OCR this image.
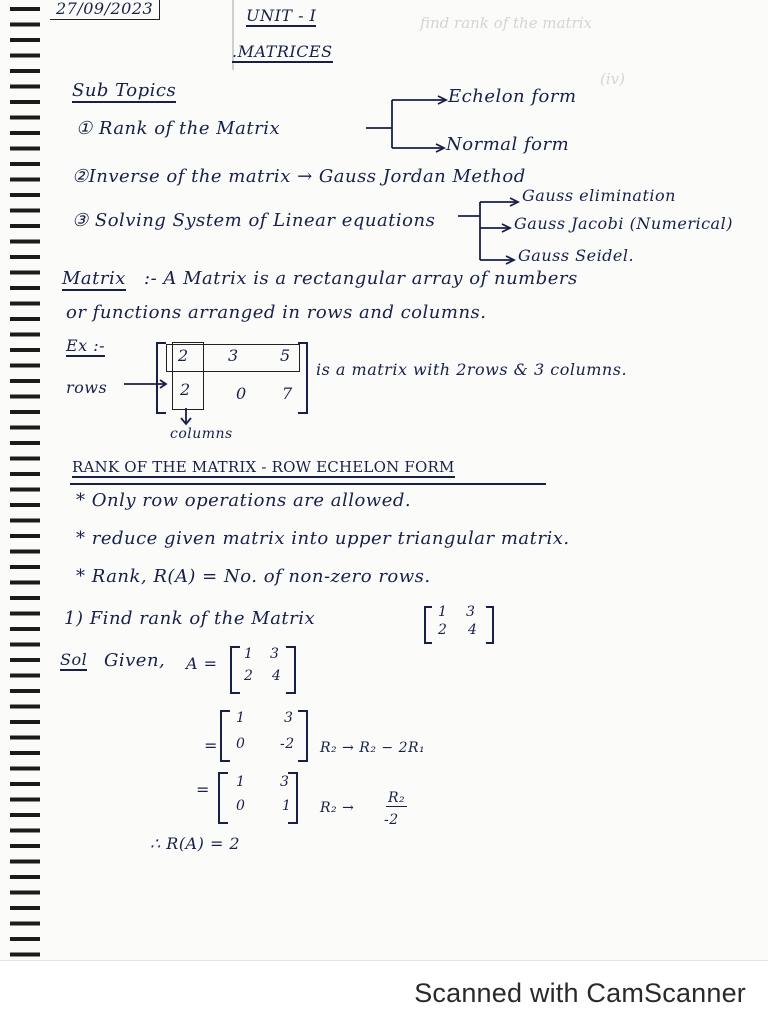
find rank of the matrix
(iv)
27/09/2023	UNIT - I
.MATRICES
Sub Topics
① Rank of the Matrix
Echelon form
Normal form
②Inverse of the matrix → Gauss Jordan Method
③ Solving System of Linear equations
Gauss elimination
Gauss Jacobi (Numerical)
Gauss Seidel.
Matrix :- A Matrix is a rectangular array of numbers
or functions arranged in rows and columns.
Ex :-
rows
2 3	5
2	0 7
columns
is a matrix with 2rows & 3 columns.
RANK OF THE MATRIX - ROW ECHELON FORM
* Only row operations are allowed.
* reduce given matrix into upper triangular matrix.
* Rank, R(A) = No. of non-zero rows.
1) Find rank of the Matrix	1 3
2 4
Sol Given, A = 1 3
2 4
=
1	3
0 -2 R₂ → R₂ − 2R₁
= 1 3
0	1 R₂ →
R₂
-2
∴ R(A) = 2
Scanned with CamScanner
